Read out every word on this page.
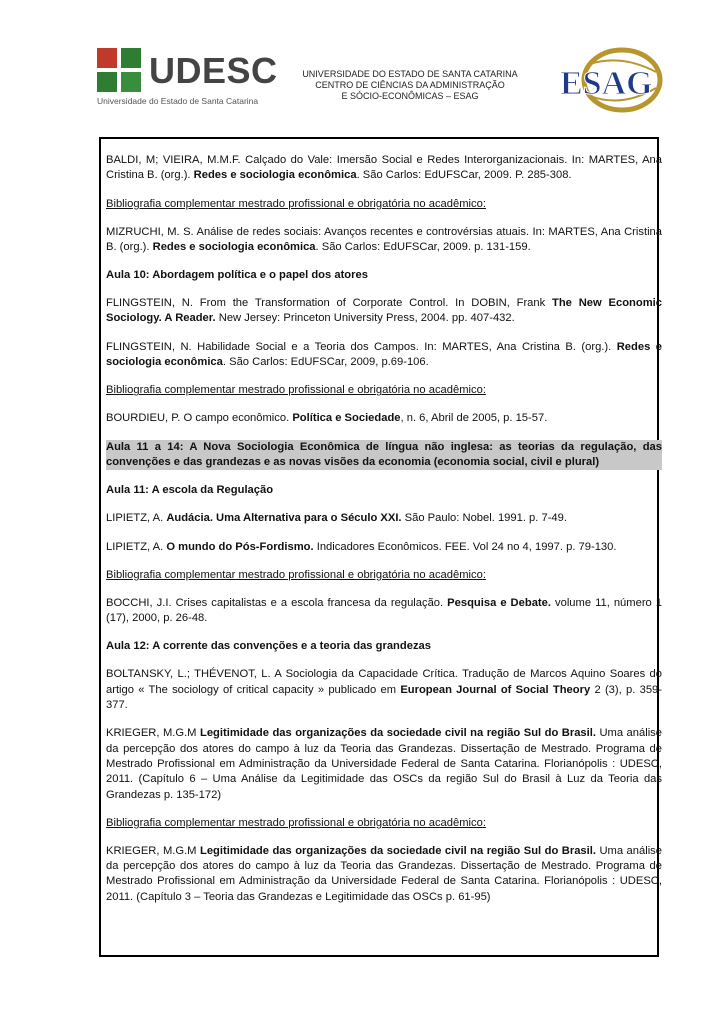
UDESC
Universidade do Estado de Santa Catarina
UNIVERSIDADE DO ESTADO DE SANTA CATARINA
CENTRO DE CIÊNCIAS DA ADMINISTRAÇÃO
E SÓCIO-ECONÔMICAS – ESAG	ESAG

BALDI, M; VIEIRA, M.M.F. Calçado do Vale: Imersão Social e Redes Interorganizacionais. In: MARTES, Ana Cristina B. (org.). Redes e sociologia econômica. São Carlos: EdUFSCar, 2009. P. 285-308.

Bibliografia complementar mestrado profissional e obrigatória no acadêmico:

MIZRUCHI, M. S. Análise de redes sociais: Avanços recentes e controvérsias atuais. In: MARTES, Ana Cristina B. (org.). Redes e sociologia econômica. São Carlos: EdUFSCar, 2009. p. 131-159.

Aula 10: Abordagem política e o papel dos atores

FLINGSTEIN, N. From the Transformation of Corporate Control. In DOBIN, Frank The New Economic Sociology. A Reader. New Jersey: Princeton University Press, 2004. pp. 407-432.

FLINGSTEIN, N. Habilidade Social e a Teoria dos Campos. In: MARTES, Ana Cristina B. (org.). Redes e sociologia econômica. São Carlos: EdUFSCar, 2009, p.69-106.

Bibliografia complementar mestrado profissional e obrigatória no acadêmico:

BOURDIEU, P. O campo econômico. Política e Sociedade, n. 6, Abril de 2005, p. 15-57.

Aula 11 a 14: A Nova Sociologia Econômica de língua não inglesa: as teorias da regulação, das convenções e das grandezas e as novas visões da economia (economia social, civil e plural)

Aula 11: A escola da Regulação

LIPIETZ, A. Audácia. Uma Alternativa para o Século XXI. São Paulo: Nobel. 1991. p. 7-49.

LIPIETZ, A. O mundo do Pós-Fordismo. Indicadores Econômicos. FEE. Vol 24 no 4, 1997. p. 79-130.

Bibliografia complementar mestrado profissional e obrigatória no acadêmico:

BOCCHI, J.I. Crises capitalistas e a escola francesa da regulação. Pesquisa e Debate. volume 11, número 1 (17), 2000, p. 26-48.

Aula 12: A corrente das convenções e a teoria das grandezas

BOLTANSKY, L.; THÉVENOT, L. A Sociologia da Capacidade Crítica. Tradução de Marcos Aquino Soares do artigo « The sociology of critical capacity » publicado em European Journal of Social Theory 2 (3), p. 359-377.

KRIEGER, M.G.M Legitimidade das organizações da sociedade civil na região Sul do Brasil. Uma análise da percepção dos atores do campo à luz da Teoria das Grandezas. Dissertação de Mestrado. Programa de Mestrado Profissional em Administração da Universidade Federal de Santa Catarina. Florianópolis : UDESC, 2011. (Capítulo 6 – Uma Análise da Legitimidade das OSCs da região Sul do Brasil à Luz da Teoria das Grandezas p. 135-172)

Bibliografia complementar mestrado profissional e obrigatória no acadêmico:

KRIEGER, M.G.M Legitimidade das organizações da sociedade civil na região Sul do Brasil. Uma análise da percepção dos atores do campo à luz da Teoria das Grandezas. Dissertação de Mestrado. Programa de Mestrado Profissional em Administração da Universidade Federal de Santa Catarina. Florianópolis : UDESC, 2011. (Capítulo 3 – Teoria das Grandezas e Legitimidade das OSCs p. 61-95)
